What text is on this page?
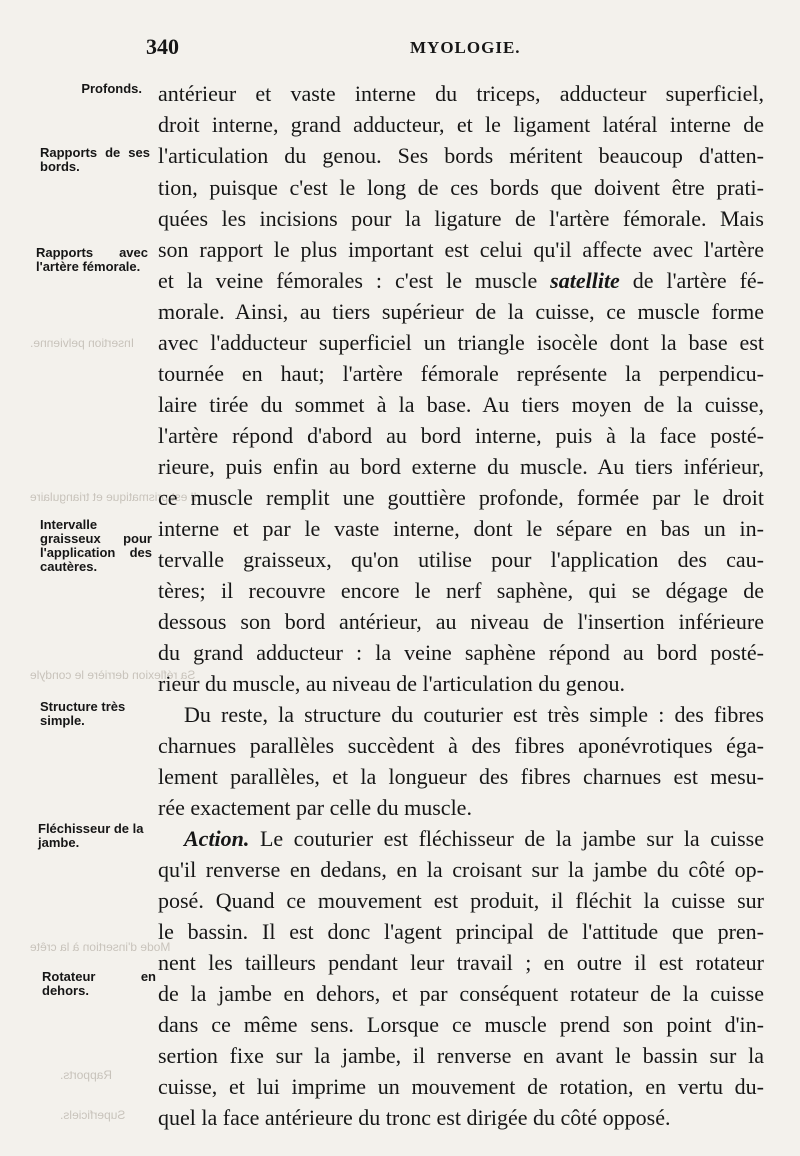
340	MYOLOGIE.
Insertion pelvienne.
Il est prismatique et triangulaire
Sa réflexion derrière le condyle
Mode d'insertion à la crête
Rapports.
Superficiels.
Profonds.
Rapports de ses bords.
Rapports avec l'artère fémorale.
Intervalle graisseux pour l'application des cautères.
Structure très simple.
Fléchisseur de la jambe.
Rotateur en dehors.
antérieur et vaste interne du triceps, adducteur superficiel,
droit interne, grand adducteur, et le ligament latéral interne de
l'articulation du genou. Ses bords méritent beaucoup d'atten-
tion, puisque c'est le long de ces bords que doivent être prati-
quées les incisions pour la ligature de l'artère fémorale. Mais
son rapport le plus important est celui qu'il affecte avec l'artère
et la veine fémorales : c'est le muscle satellite de l'artère fé-
morale. Ainsi, au tiers supérieur de la cuisse, ce muscle forme
avec l'adducteur superficiel un triangle isocèle dont la base est
tournée en haut; l'artère fémorale représente la perpendicu-
laire tirée du sommet à la base. Au tiers moyen de la cuisse,
l'artère répond d'abord au bord interne, puis à la face posté-
rieure, puis enfin au bord externe du muscle. Au tiers inférieur,
ce muscle remplit une gouttière profonde, formée par le droit
interne et par le vaste interne, dont le sépare en bas un in-
tervalle graisseux, qu'on utilise pour l'application des cau-
tères; il recouvre encore le nerf saphène, qui se dégage de
dessous son bord antérieur, au niveau de l'insertion inférieure
du grand adducteur : la veine saphène répond au bord posté-
rieur du muscle, au niveau de l'articulation du genou.
Du reste, la structure du couturier est très simple : des fibres
charnues parallèles succèdent à des fibres aponévrotiques éga-
lement parallèles, et la longueur des fibres charnues est mesu-
rée exactement par celle du muscle.
Action. Le couturier est fléchisseur de la jambe sur la cuisse
qu'il renverse en dedans, en la croisant sur la jambe du côté op-
posé. Quand ce mouvement est produit, il fléchit la cuisse sur
le bassin. Il est donc l'agent principal de l'attitude que pren-
nent les tailleurs pendant leur travail ; en outre il est rotateur
de la jambe en dehors, et par conséquent rotateur de la cuisse
dans ce même sens. Lorsque ce muscle prend son point d'in-
sertion fixe sur la jambe, il renverse en avant le bassin sur la
cuisse, et lui imprime un mouvement de rotation, en vertu du-
quel la face antérieure du tronc est dirigée du côté opposé.
